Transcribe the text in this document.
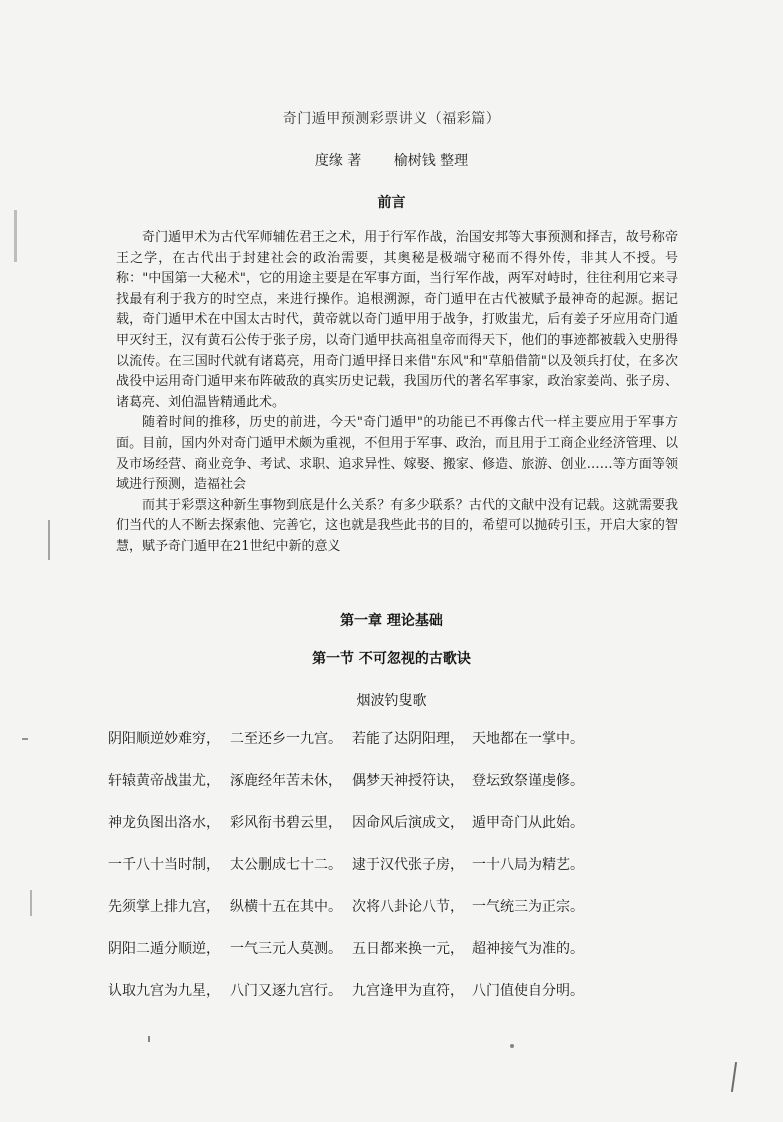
奇门遁甲预测彩票讲义（福彩篇）
度缘 著 榆树钱 整理
前言

奇门遁甲术为古代军师辅佐君王之术，用于行军作战，治国安邦等大事预测和择吉，故号称帝王之学，在古代出于封建社会的政治需要，其奥秘是极端守秘而不得外传，非其人不授。号称："中国第一大秘术"，它的用途主要是在军事方面，当行军作战，两军对峙时，往往利用它来寻找最有利于我方的时空点，来进行操作。追根溯源，奇门遁甲在古代被赋予最神奇的起源。据记载，奇门遁甲术在中国太古时代，黄帝就以奇门遁甲用于战争，打败蚩尤，后有姜子牙应用奇门遁甲灭纣王，汉有黄石公传于张子房，以奇门遁甲扶高祖皇帝而得天下，他们的事迹都被载入史册得以流传。在三国时代就有诸葛亮，用奇门遁甲择日来借"东风"和"草船借箭"以及领兵打仗，在多次战役中运用奇门遁甲来布阵破敌的真实历史记载，我国历代的著名军事家，政治家姜尚、张子房、诸葛亮、刘伯温皆精通此术。

随着时间的推移，历史的前进，今天"奇门遁甲"的功能已不再像古代一样主要应用于军事方面。目前，国内外对奇门遁甲术颇为重视，不但用于军事、政治，而且用于工商企业经济管理、以及市场经营、商业竞争、考试、求职、追求异性、嫁娶、搬家、修造、旅游、创业……等方面等领域进行预测，造福社会

而其于彩票这种新生事物到底是什么关系？有多少联系？古代的文献中没有记载。这就需要我们当代的人不断去探索他、完善它，这也就是我些此书的目的，希望可以抛砖引玉，开启大家的智慧，赋予奇门遁甲在21世纪中新的意义

第一章 理论基础
第一节 不可忽视的古歌诀
烟波钓叟歌
阴阳顺逆妙难穷， 二至还乡一九宫。 若能了达阴阳理， 天地都在一掌中。
轩辕黄帝战蚩尤， 涿鹿经年苦未休， 偶梦天神授符诀， 登坛致祭谨虔修。
神龙负图出洛水， 彩风衔书碧云里， 因命风后演成文， 遁甲奇门从此始。
一千八十当时制， 太公删成七十二。 逮于汉代张子房， 一十八局为精艺。
先须掌上排九宫， 纵横十五在其中。 次将八卦论八节， 一气统三为正宗。
阴阳二遁分顺逆， 一气三元人莫测。 五日都来换一元， 超神接气为准的。
认取九宫为九星， 八门又逐九宫行。 九宫逢甲为直符， 八门值使自分明。
